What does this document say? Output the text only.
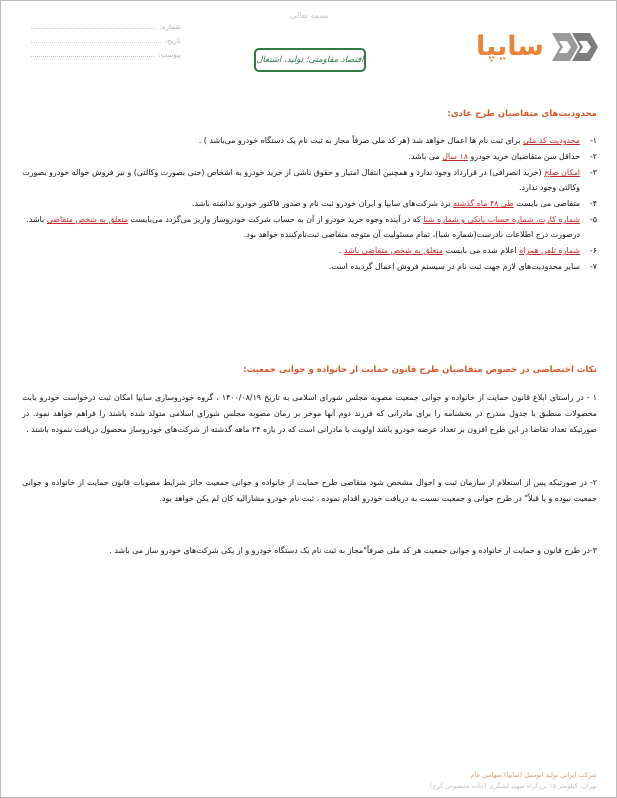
بسمه تعالی
سایپا
شماره:
تاریخ:
پیوست:	اقتصاد مقاومتی؛ تولید، اشتغال
محدودیت‌های متقاضیان طرح عادی:
۱-
محدودیت کد ملی برای ثبت نام ها اعمال خواهد شد (هر کد ملی صرفاً مجاز به ثبت نام یک دستگاه خودرو می‌باشد ) .
۲-
حداقل سن متقاضیان خرید خودرو ۱۸ سال می باشد.
۳-
امکان صلح (خرید انصرافی) در قرارداد وجود ندارد و همچنین انتقال امتیاز و حقوق ناشی از خرید خودرو به اشخاص (حتی بصورت وکالتی) و نیز فروش حواله خودرو بصورت وکالتی وجود ندارد.
۴-
متقاضی می بایست طی ۴۸ ماه گذشته نزد شرکت‌های سایپا و ایران خودرو ثبت نام و صدور فاکتور خودرو نداشته باشد.
۵-
شماره کارت، شماره حساب بانکی و شماره شبا که در آینده وجوه خرید خودرو از آن به حساب شرکت خودروساز واریز می‌گردد می‌بایست متعلق به شخص متقاضی باشد. درصورت درج اطلاعات نادرست(شماره شبا)، تمام مسئولیت آن متوجه متقاضی ثبت‌نام‌کننده خواهد بود.
۶-
شماره تلفن همراه اعلام شده می بایست متعلق به شخص متقاضی باشد .
۷-
سایر محدودیت‌های لازم جهت ثبت نام در سیستم فروش اعمال گردیده است.
نکات اختصاصی در خصوص متقاضیان طرح قانون حمایت از خانواده و جوانی جمعیت:
۱ - در راستای ابلاغ قانون حمایت از خانواده و جوانی جمعیت مصوبه مجلس شورای اسلامی به تاریخ ۱۴۰۰/۰۸/۱۹ ، گروه خودروسازی سایپا امکان ثبت درخواست خودرو بابت محصولات منطبق با جدول مندرج در بخشنامه را برای مادرانی که فرزند دوم آنها موخر بر زمان مصوبه مجلس شورای اسلامی متولد شده باشند را فراهم خواهد نمود. در صورتیکه تعداد تقاضا در این طرح افزون بر تعداد عرضه خودرو باشد اولویت با مادرانی است که در بازه ۲۴ ماهه گذشته از شرکت‌های خودروساز محصول دریافت ننموده باشند .
۲- در صورتیکه پس از استعلام از سازمان ثبت و احوال مشخص شود متقاضی طرح حمایت از خانواده و جوانی جمعیت حائز شرایط مصوبات قانون حمایت از خانواده و جوانی جمعیت نبوده و یا قبلاً" در طرح جوانی و جمعیت نسبت به دریافت خودرو اقدام نموده ، ثبت نام خودرو مشارالیه کان لم یکن خواهد بود.
۳-در طرح قانون و حمایت از خانواده و جوانی جمعیت هر کد ملی صرفاً"مجاز به ثبت نام یک دستگاه خودرو و از یکی شرکت‌های خودرو ساز می باشد .
شرکت ایرانی تولید اتومبیل (سایپا) سهامی عام
تهران، کیلومتر ۱۵ بزرگراه شهید لشگری (جاده مخصوص کرج)
